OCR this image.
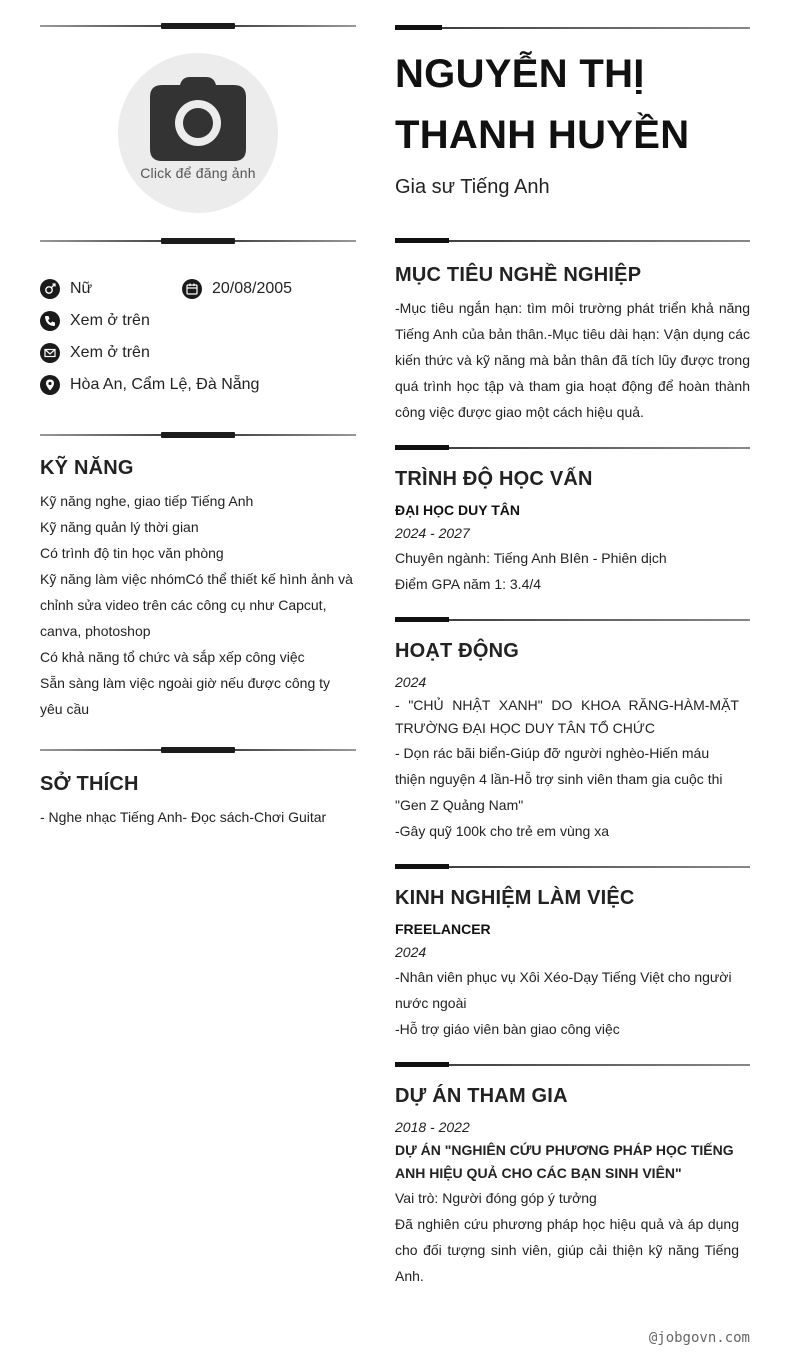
Click để đăng ảnh
Nữ	20/08/2005
Xem ở trên
Xem ở trên
Hòa An, Cẩm Lệ, Đà Nẵng
KỸ NĂNG
Kỹ năng nghe, giao tiếp Tiếng Anh
Kỹ năng quản lý thời gian
Có trình độ tin học văn phòng
Kỹ năng làm việc nhómCó thể thiết kế hình ảnh và chỉnh sửa video trên các công cụ như Capcut, canva, photoshop
Có khả năng tổ chức và sắp xếp công việc
Sẵn sàng làm việc ngoài giờ nếu được công ty yêu cầu
SỞ THÍCH
- Nghe nhạc Tiếng Anh- Đọc sách-Chơi Guitar
NGUYỄN THỊ THANH HUYỀN
Gia sư Tiếng Anh
MỤC TIÊU NGHỀ NGHIỆP
-Mục tiêu ngắn hạn: tìm môi trường phát triển khả năng Tiếng Anh của bản thân.-Mục tiêu dài hạn: Vận dụng các kiến thức và kỹ năng mà bản thân đã tích lũy được trong quá trình học tập và tham gia hoạt động để hoàn thành công việc được giao một cách hiệu quả.
TRÌNH ĐỘ HỌC VẤN
ĐẠI HỌC DUY TÂN
2024 - 2027
Chuyên ngành: Tiếng Anh BIên - Phiên dịch
Điểm GPA năm 1: 3.4/4
HOẠT ĐỘNG
2024
- "CHỦ NHẬT XANH" DO KHOA RĂNG-HÀM-MẶT TRƯỜNG ĐẠI HỌC DUY TÂN TỔ CHỨC
- Dọn rác bãi biển-Giúp đỡ người nghèo-Hiến máu thiện nguyện 4 lần-Hỗ trợ sinh viên tham gia cuộc thi "Gen Z Quảng Nam"
-Gây quỹ 100k cho trẻ em vùng xa
KINH NGHIỆM LÀM VIỆC
FREELANCER
2024
-Nhân viên phục vụ Xôi Xéo-Dạy Tiếng Việt cho người nước ngoài
-Hỗ trợ giáo viên bàn giao công việc
DỰ ÁN THAM GIA
2018 - 2022
DỰ ÁN "NGHIÊN CỨU PHƯƠNG PHÁP HỌC TIẾNG ANH HIỆU QUẢ CHO CÁC BẠN SINH VIÊN"
Vai trò: Người đóng góp ý tưởng
Đã nghiên cứu phương pháp học hiệu quả và áp dụng cho đối tượng sinh viên, giúp cải thiện kỹ năng Tiếng Anh.
@jobgovn.com
